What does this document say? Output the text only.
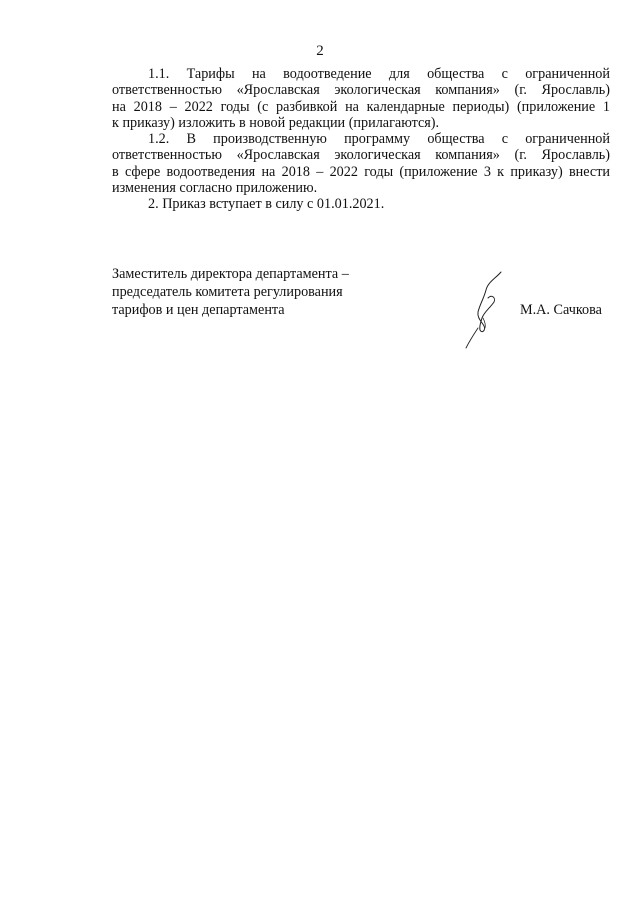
2

1.1. Тарифы на водоотведение для общества с ограниченной
ответственностью «Ярославская экологическая компания» (г. Ярославль)
на 2018 – 2022 годы (с разбивкой на календарные периоды) (приложение 1
к приказу) изложить в новой редакции (прилагаются).

1.2. В производственную программу общества с ограниченной
ответственностью «Ярославская экологическая компания» (г. Ярославль)
в сфере водоотведения на 2018 – 2022 годы (приложение 3 к приказу) внести
изменения согласно приложению.

2. Приказ вступает в силу с 01.01.2021.

Заместитель директора департамента –
председатель комитета регулирования
тарифов и цен департамента	М.А. Сачкова
